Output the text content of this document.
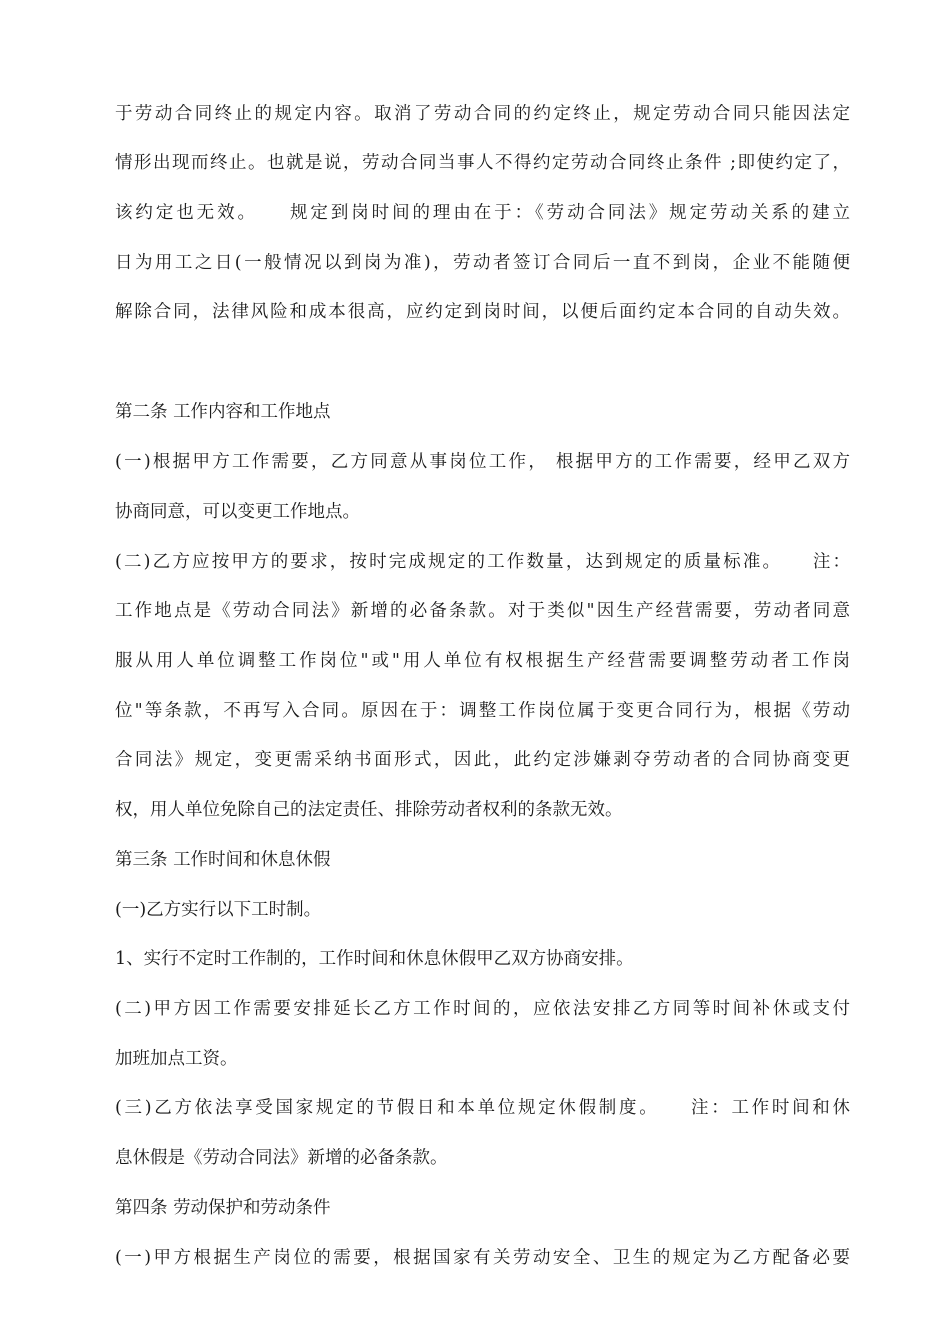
于劳动合同终止的规定内容。取消了劳动合同的约定终止，规定劳动合同只能因法定
情形出现而终止。也就是说，劳动合同当事人不得约定劳动合同终止条件 ;即使约定了，
该约定也无效。　　规定到岗时间的理由在于：《劳动合同法》规定劳动关系的建立
日为用工之日(一般情况以到岗为准)，劳动者签订合同后一直不到岗，企业不能随便
解除合同，法律风险和成本很高，应约定到岗时间，以便后面约定本合同的自动失效。
第二条 工作内容和工作地点
(一)根据甲方工作需要，乙方同意从事岗位工作， 根据甲方的工作需要，经甲乙双方
协商同意，可以变更工作地点。
(二)乙方应按甲方的要求，按时完成规定的工作数量，达到规定的质量标准。　　注：
工作地点是《劳动合同法》新增的必备条款。对于类似"因生产经营需要，劳动者同意
服从用人单位调整工作岗位"或"用人单位有权根据生产经营需要调整劳动者工作岗
位"等条款，不再写入合同。原因在于：调整工作岗位属于变更合同行为，根据《劳动
合同法》规定，变更需采纳书面形式，因此，此约定涉嫌剥夺劳动者的合同协商变更
权，用人单位免除自己的法定责任、排除劳动者权利的条款无效。
第三条 工作时间和休息休假
(一)乙方实行以下工时制。
1、实行不定时工作制的，工作时间和休息休假甲乙双方协商安排。
(二)甲方因工作需要安排延长乙方工作时间的，应依法安排乙方同等时间补休或支付
加班加点工资。
(三)乙方依法享受国家规定的节假日和本单位规定休假制度。　　注：工作时间和休
息休假是《劳动合同法》新增的必备条款。
第四条 劳动保护和劳动条件
(一)甲方根据生产岗位的需要，根据国家有关劳动安全、卫生的规定为乙方配备必要
